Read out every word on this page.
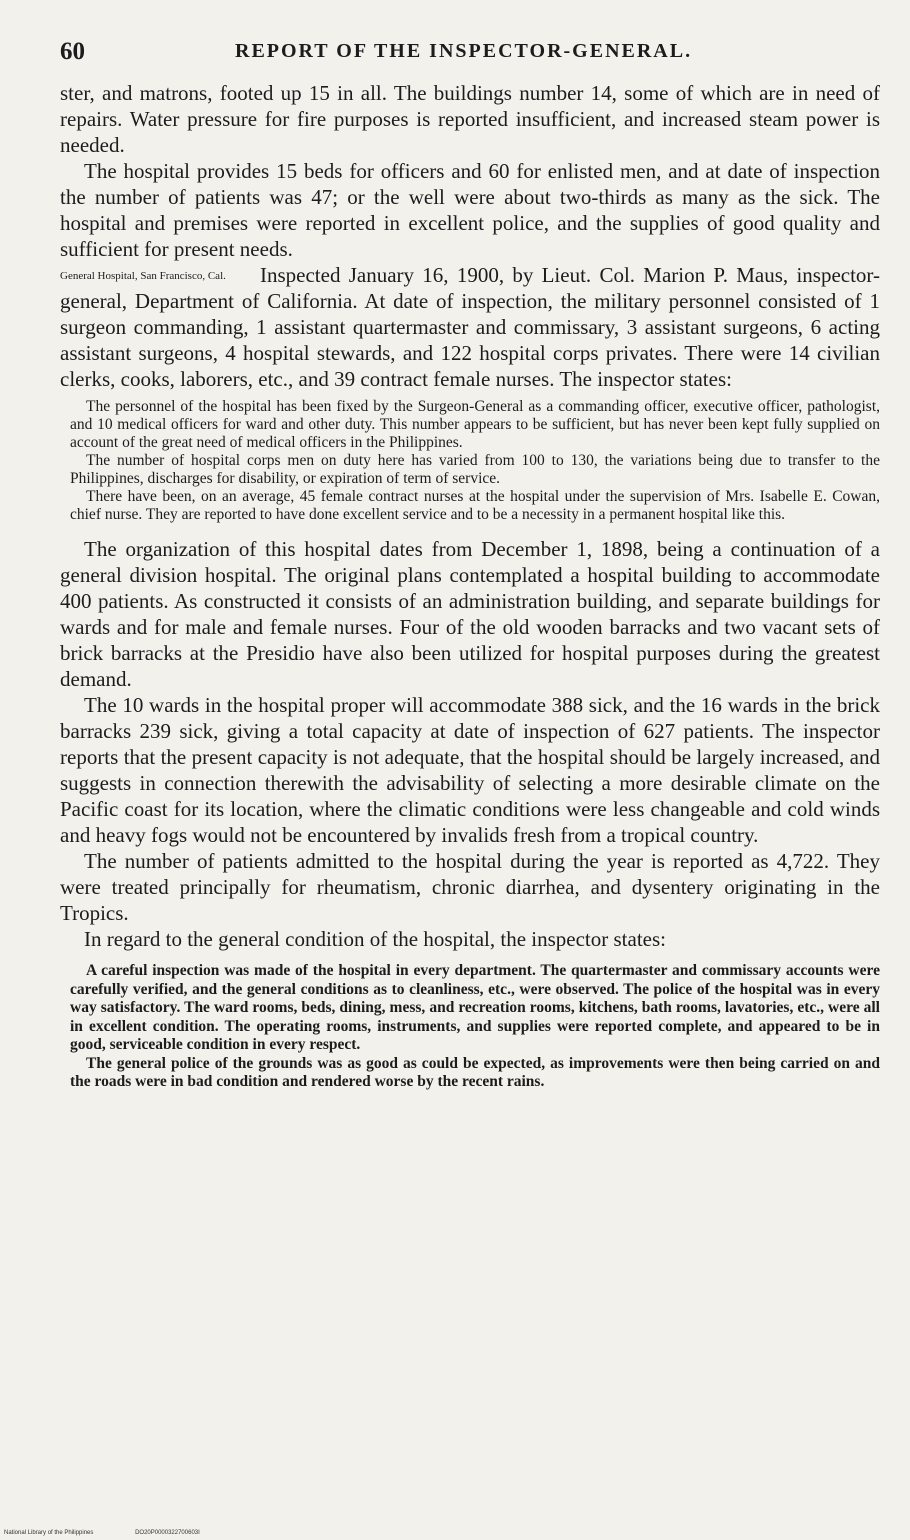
60	REPORT OF THE INSPECTOR-GENERAL.

ster, and matrons, footed up 15 in all. The buildings number 14, some of which are in need of repairs. Water pressure for fire purposes is reported insufficient, and increased steam power is needed.

The hospital provides 15 beds for officers and 60 for enlisted men, and at date of inspection the number of patients was 47; or the well were about two-thirds as many as the sick. The hospital and premises were reported in excellent police, and the supplies of good quality and sufficient for present needs.

General Hospital, San Francisco, Cal.	Inspected January 16, 1900, by Lieut. Col. Marion P. Maus, inspector-general, Department of California. At date of inspection, the military personnel consisted of 1 surgeon commanding, 1 assistant quartermaster and commissary, 3 assistant surgeons, 6 acting assistant surgeons, 4 hospital stewards, and 122 hospital corps privates. There were 14 civilian clerks, cooks, laborers, etc., and 39 contract female nurses. The inspector states:

The personnel of the hospital has been fixed by the Surgeon-General as a commanding officer, executive officer, pathologist, and 10 medical officers for ward and other duty. This number appears to be sufficient, but has never been kept fully supplied on account of the great need of medical officers in the Philippines.

The number of hospital corps men on duty here has varied from 100 to 130, the variations being due to transfer to the Philippines, discharges for disability, or expiration of term of service.

There have been, on an average, 45 female contract nurses at the hospital under the supervision of Mrs. Isabelle E. Cowan, chief nurse. They are reported to have done excellent service and to be a necessity in a permanent hospital like this.

The organization of this hospital dates from December 1, 1898, being a continuation of a general division hospital. The original plans contemplated a hospital building to accommodate 400 patients. As constructed it consists of an administration building, and separate buildings for wards and for male and female nurses. Four of the old wooden barracks and two vacant sets of brick barracks at the Presidio have also been utilized for hospital purposes during the greatest demand.

The 10 wards in the hospital proper will accommodate 388 sick, and the 16 wards in the brick barracks 239 sick, giving a total capacity at date of inspection of 627 patients. The inspector reports that the present capacity is not adequate, that the hospital should be largely increased, and suggests in connection therewith the advisability of selecting a more desirable climate on the Pacific coast for its location, where the climatic conditions were less changeable and cold winds and heavy fogs would not be encountered by invalids fresh from a tropical country.

The number of patients admitted to the hospital during the year is reported as 4,722. They were treated principally for rheumatism, chronic diarrhea, and dysentery originating in the Tropics.

In regard to the general condition of the hospital, the inspector states:

A careful inspection was made of the hospital in every department. The quartermaster and commissary accounts were carefully verified, and the general conditions as to cleanliness, etc., were observed. The police of the hospital was in every way satisfactory. The ward rooms, beds, dining, mess, and recreation rooms, kitchens, bath rooms, lavatories, etc., were all in excellent condition. The operating rooms, instruments, and supplies were reported complete, and appeared to be in good, serviceable condition in every respect.

The general police of the grounds was as good as could be expected, as improvements were then being carried on and the roads were in bad condition and rendered worse by the recent rains.

National Library of the Philippines	DO20P0000322700603I
